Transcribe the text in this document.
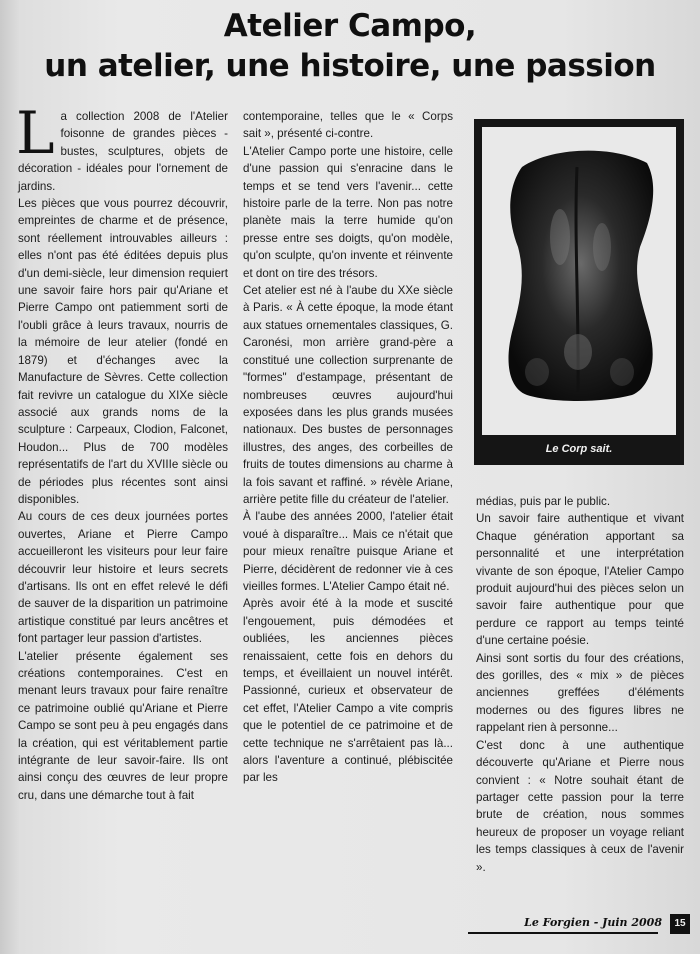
Atelier Campo,
un atelier, une histoire, une passion

La collection 2008 de l'Atelier foisonne de grandes pièces - bustes, sculptures, objets de décoration - idéales pour l'ornement de jardins.

Les pièces que vous pourrez découvrir, empreintes de charme et de présence, sont réellement introuvables ailleurs : elles n'ont pas été éditées depuis plus d'un demi-siècle, leur dimension requiert une savoir faire hors pair qu'Ariane et Pierre Campo ont patiemment sorti de l'oubli grâce à leurs travaux, nourris de la mémoire de leur atelier (fondé en 1879) et d'échanges avec la Manufacture de Sèvres. Cette collection fait revivre un catalogue du XIXe siècle associé aux grands noms de la sculpture : Carpeaux, Clodion, Falconet, Houdon... Plus de 700 modèles représentatifs de l'art du XVIIIe siècle ou de périodes plus récentes sont ainsi disponibles.

Au cours de ces deux journées portes ouvertes, Ariane et Pierre Campo accueilleront les visiteurs pour leur faire découvrir leur histoire et leurs secrets d'artisans. Ils ont en effet relevé le défi de sauver de la disparition un patrimoine artistique constitué par leurs ancêtres et font partager leur passion d'artistes.

L'atelier présente également ses créations contemporaines. C'est en menant leurs travaux pour faire renaître ce patrimoine oublié qu'Ariane et Pierre Campo se sont peu à peu engagés dans la création, qui est véritablement partie intégrante de leur savoir-faire. Ils ont ainsi conçu des œuvres de leur propre cru, dans une démarche tout à fait

contemporaine, telles que le « Corps sait », présenté ci-contre.

L'Atelier Campo porte une histoire, celle d'une passion qui s'enracine dans le temps et se tend vers l'avenir... cette histoire parle de la terre. Non pas notre planète mais la terre humide qu'on presse entre ses doigts, qu'on modèle, qu'on sculpte, qu'on invente et réinvente et dont on tire des trésors.

Cet atelier est né à l'aube du XXe siècle à Paris. « À cette époque, la mode étant aux statues ornementales classiques, G. Caronési, mon arrière grand-père a constitué une collection surprenante de "formes" d'estampage, présentant de nombreuses œuvres aujourd'hui exposées dans les plus grands musées nationaux. Des bustes de personnages illustres, des anges, des corbeilles de fruits de toutes dimensions au charme à la fois savant et raffiné. » révèle Ariane, arrière petite fille du créateur de l'atelier.

À l'aube des années 2000, l'atelier était voué à disparaître... Mais ce n'était que pour mieux renaître puisque Ariane et Pierre, décidèrent de redonner vie à ces vieilles formes. L'Atelier Campo était né.

Après avoir été à la mode et suscité l'engouement, puis démodées et oubliées, les anciennes pièces renaissaient, cette fois en dehors du temps, et éveillaient un nouvel intérêt. Passionné, curieux et observateur de cet effet, l'Atelier Campo a vite compris que le potentiel de ce patrimoine et de cette technique ne s'arrêtaient pas là... alors l'aventure a continué, plébiscitée par les

Le Corp sait.

médias, puis par le public.

Un savoir faire authentique et vivant Chaque génération apportant sa personnalité et une interprétation vivante de son époque, l'Atelier Campo produit aujourd'hui des pièces selon un savoir faire authentique pour que perdure ce rapport au temps teinté d'une certaine poésie.

Ainsi sont sortis du four des créations, des gorilles, des « mix » de pièces anciennes greffées d'éléments modernes ou des figures libres ne rappelant rien à personne...

C'est donc à une authentique découverte qu'Ariane et Pierre nous convient : « Notre souhait étant de partager cette passion pour la terre brute de création, nous sommes heureux de proposer un voyage reliant les temps classiques à ceux de l'avenir ».

Le Forgien - Juin 2008	15
